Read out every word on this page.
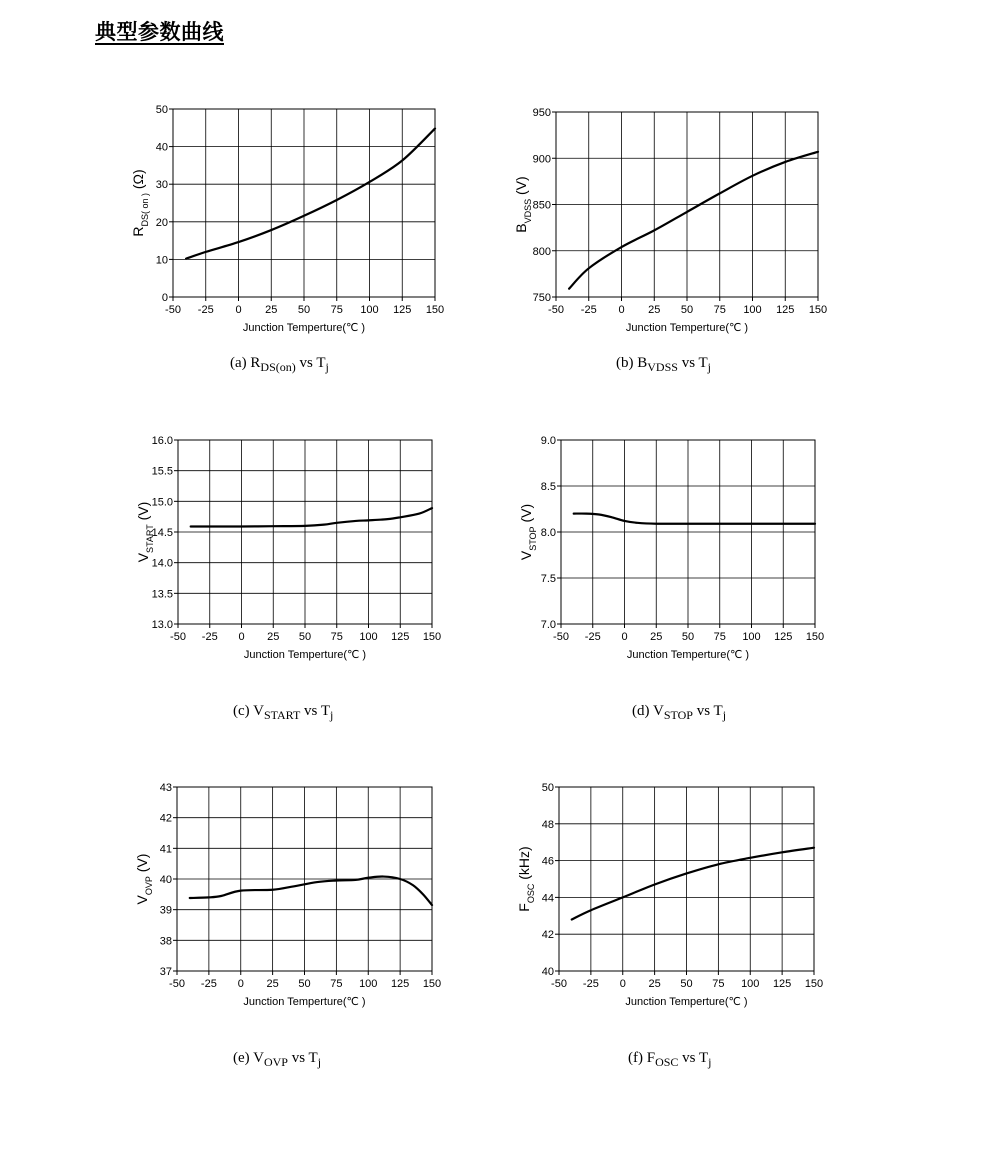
典型参数曲线
-50 -25 0 25 50 75 100 125 150
0
10
20
30
40
50
Junction Temperture(℃ )
$R_{DS( on )}$ (Ω)
-50 -25 0 25 50 75 100 125 150
750
800
850
900
950
Junction Temperture(℃ )
$B_{VDSS}$ (V)
-50 -25 0 25 50 75 100 125 150
13.0
13.5
14.0
14.5
15.0
15.5
16.0
Junction Temperture(℃ )
$V_{START}$ (V)
-50 -25 0 25 50 75 100 125 150
7.0
7.5
8.0
8.5
9.0
Junction Temperture(℃ )
$V_{STOP}$ (V)
-50 -25 0 25 50 75 100 125 150
37
38
39
40
41
42
43
Junction Temperture(℃ )
$V_{OVP}$ (V)
-50 -25 0 25 50 75 100 125 150
40
42
44
46
48
50
Junction Temperture(℃ )
$F_{OSC}$ (kHz)
(a) $R_{DS(on)}$ vs $T_j$	(b) $B_{VDSS}$ vs $T_j$
(c) $V_{START}$ vs $T_j$	(d) $V_{STOP}$ vs $T_j$
(e) $V_{OVP}$ vs $T_j$	(f) $F_{OSC}$ vs $T_j$
